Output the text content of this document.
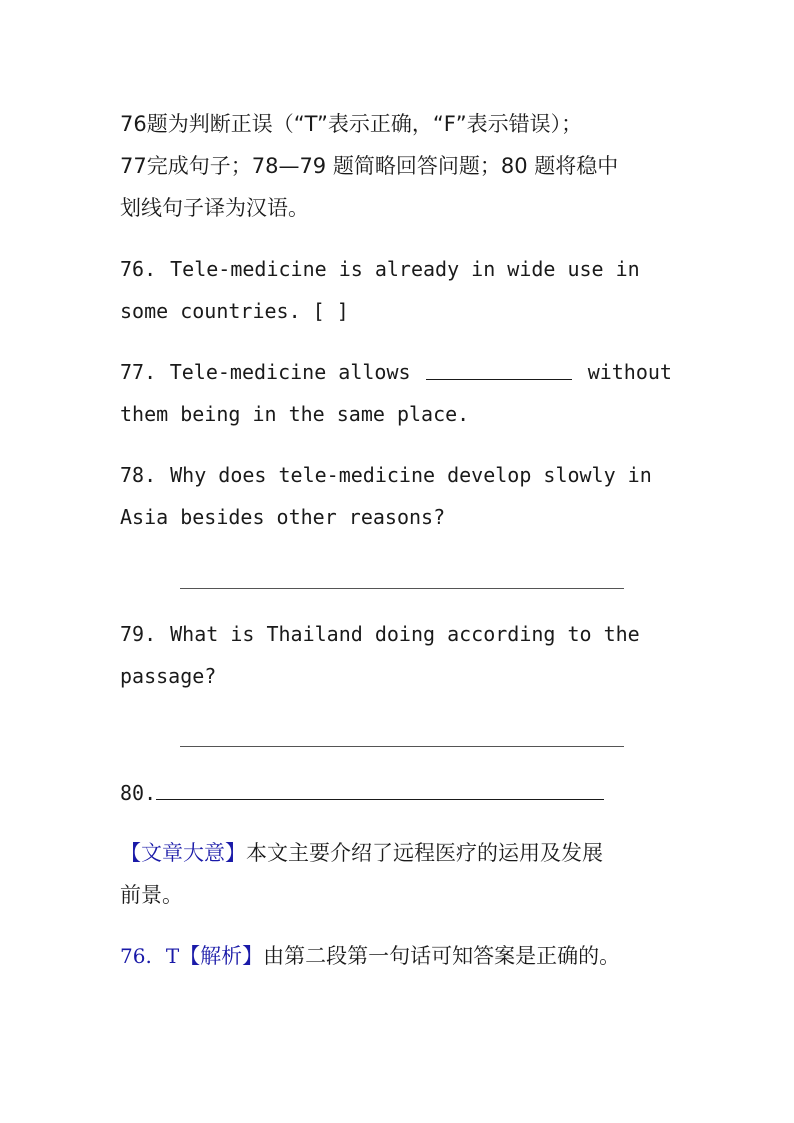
76题为判断正误（“T”表示正确，“F”表示错误）；
77完成句子；78—79 题简略回答问题；80 题将稳中
划线句子译为汉语。
76. Tele-medicine is already in wide use in
some countries. [ ]
77. Tele-medicine allows	without
them being in the same place.
78. Why does tele-medicine develop slowly in
Asia besides other reasons?
79. What is Thailand doing according to the
passage?
80.
【文章大意】本文主要介绍了远程医疗的运用及发展
前景。
76. T【解析】由第二段第一句话可知答案是正确的。
